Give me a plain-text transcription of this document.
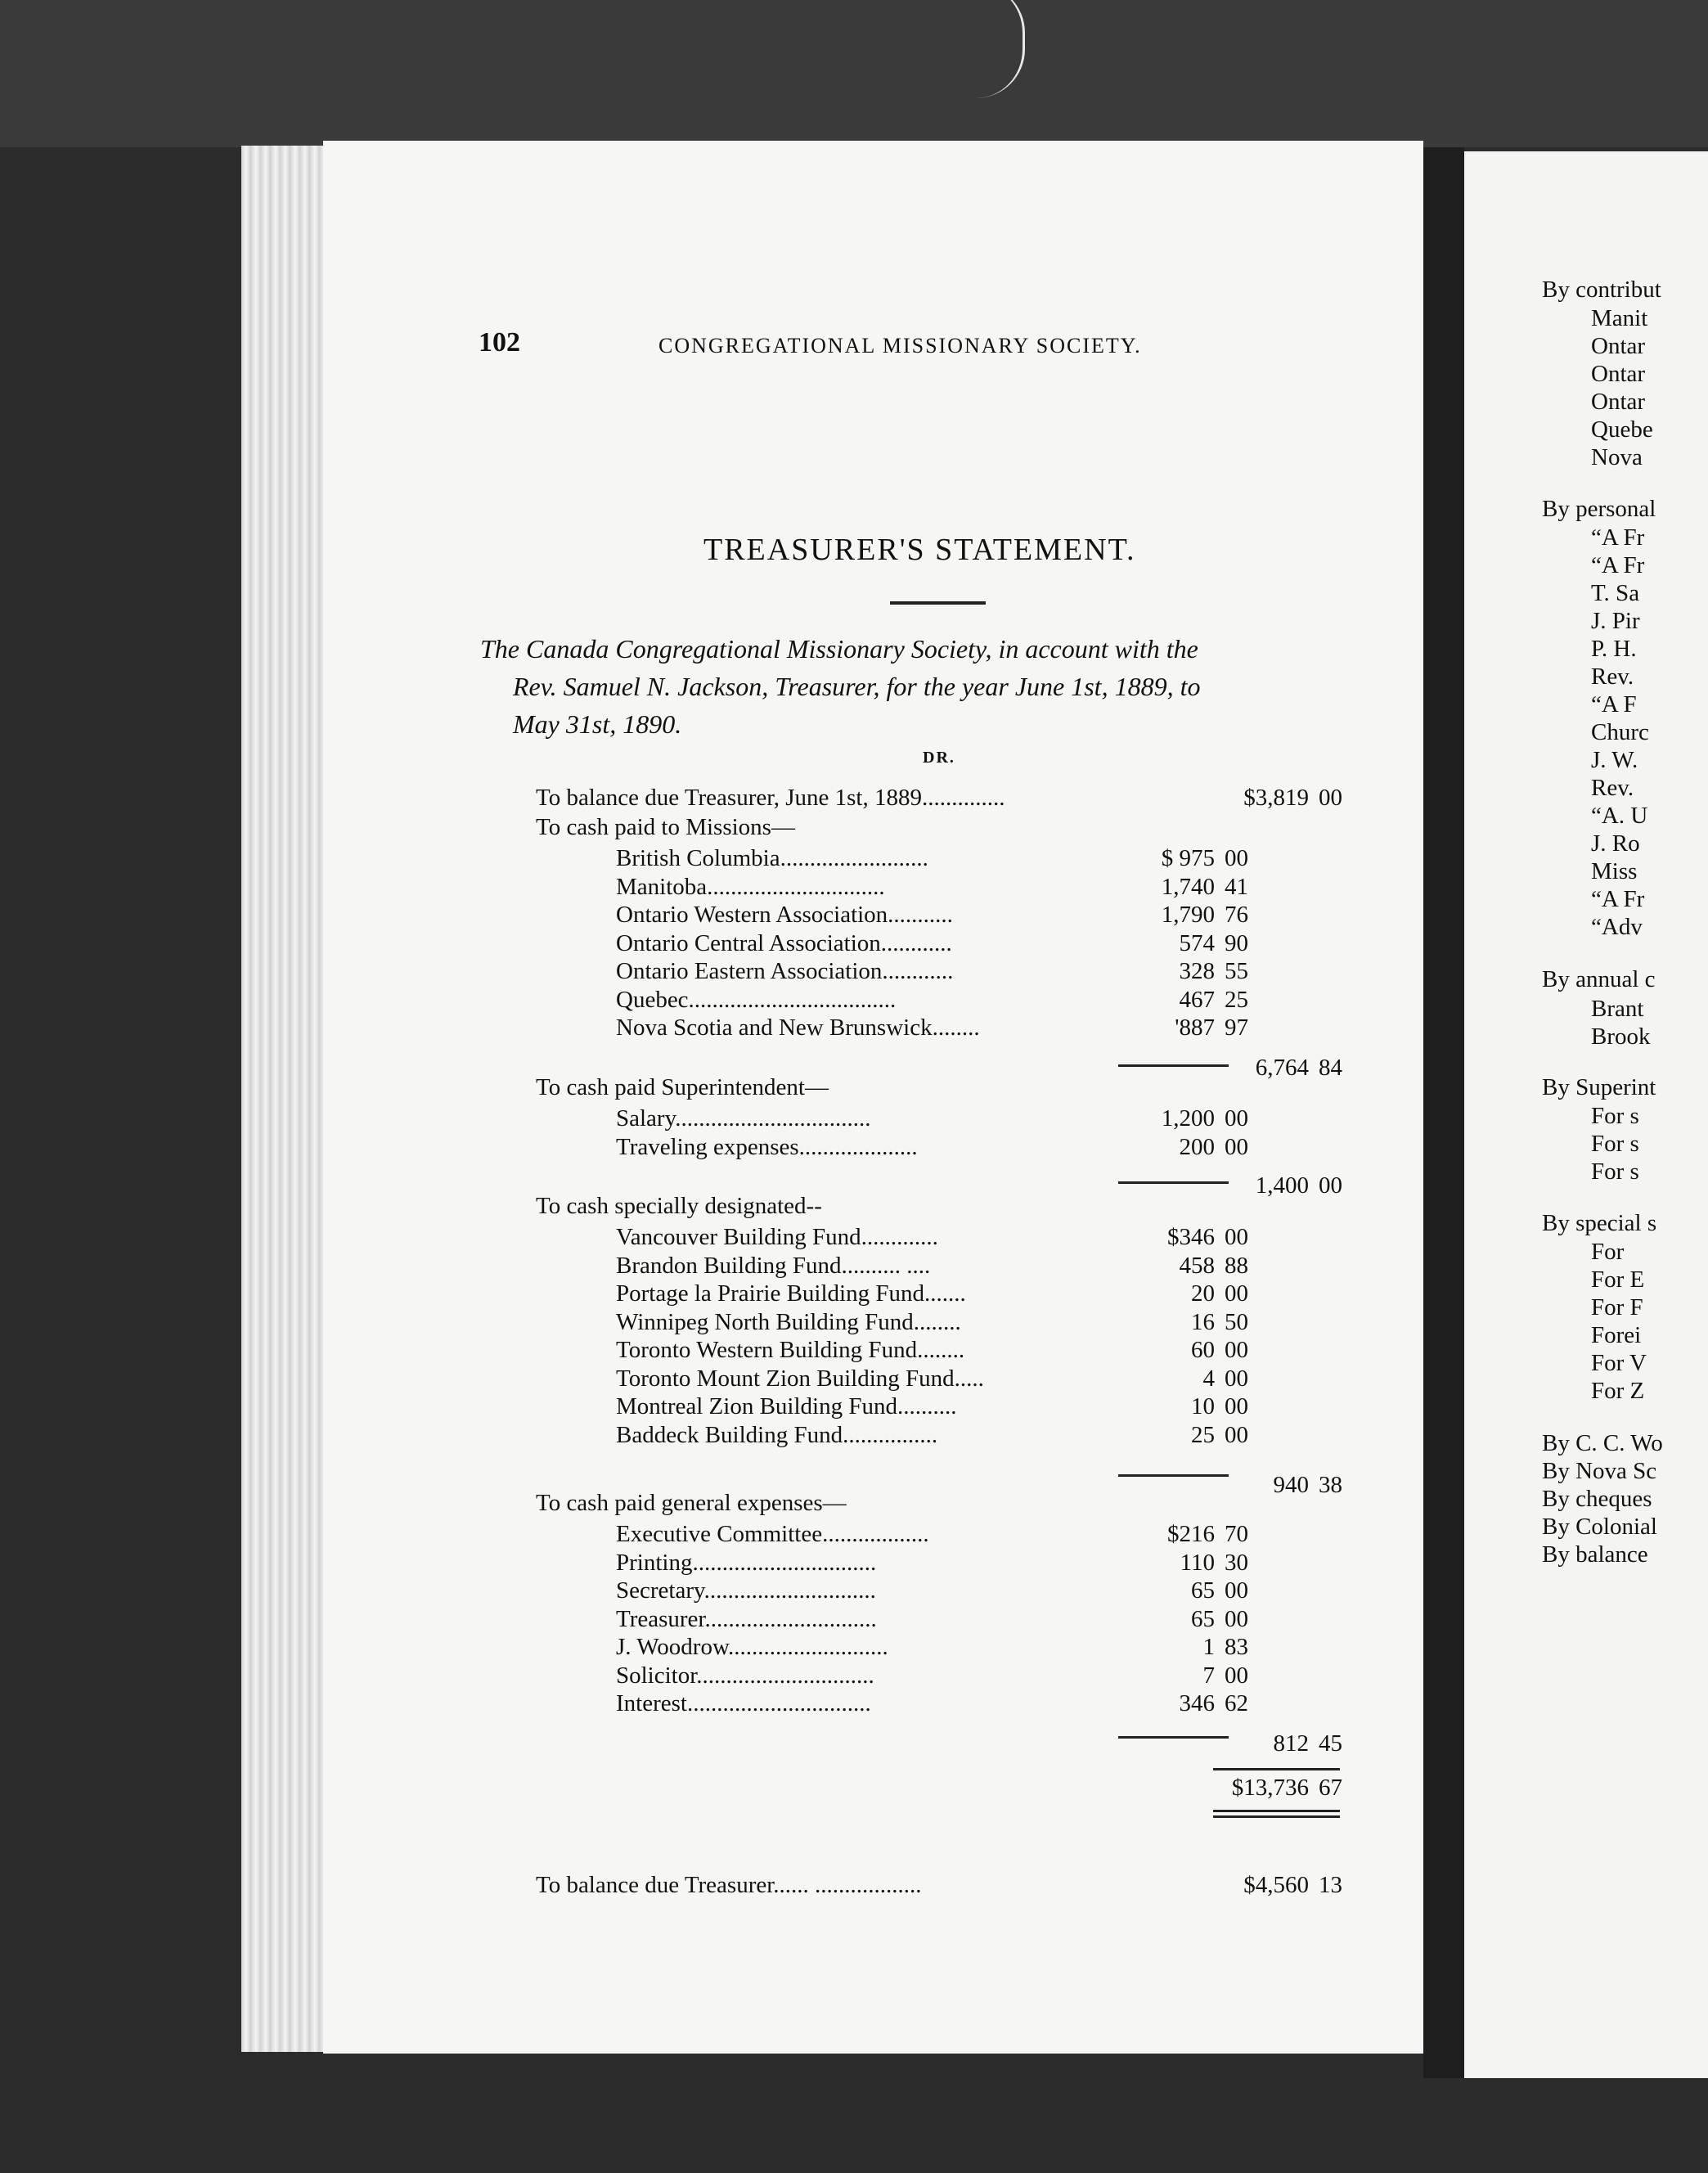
102	CONGREGATIONAL MISSIONARY SOCIETY.
TREASURER'S STATEMENT.
The Canada Congregational Missionary Society, in account with the
Rev. Samuel N. Jackson, Treasurer, for the year June 1st, 1889, to
May 31st, 1890.
DR.
To balance due Treasurer, June 1st, 1889..............	$3,819 00
To cash paid to Missions—
British Columbia.........................	$ 975 00
Manitoba..............................	1,740 41
Ontario Western Association...........	1,790 76
Ontario Central Association............	574 90
Ontario Eastern Association............	328 55
Quebec...................................	467 25
Nova Scotia and New Brunswick........	'887 97
6,764 84
To cash paid Superintendent—
Salary.................................	1,200 00
Traveling expenses....................	200 00
1,400 00
To cash specially designated--
Vancouver Building Fund.............	$346 00
Brandon Building Fund.......... ....	458 88
Portage la Prairie Building Fund.......	20 00
Winnipeg North Building Fund........	16 50
Toronto Western Building Fund........	60 00
Toronto Mount Zion Building Fund.....	4 00
Montreal Zion Building Fund..........	10 00
Baddeck Building Fund................	25 00
940 38
To cash paid general expenses—
Executive Committee..................	$216 70
Printing...............................	110 30
Secretary.............................	65 00
Treasurer.............................	65 00
J. Woodrow...........................	1 83
Solicitor..............................	7 00
Interest...............................	346 62
812 45
$13,736 67
To balance due Treasurer...... ..................	$4,560 13
By contribut
Manit
Ontar
Ontar
Ontar
Quebe
Nova
By personal
“A Fr
“A Fr
T. Sa
J. Pir
P. H.
Rev.
“A F
Churc
J. W.
Rev.
“A. U
J. Ro
Miss
“A Fr
“Adv
By annual c
Brant
Brook
By Superint
For s
For s
For s
By special s
For
For E
For F
Forei
For V
For Z
By C. C. Wo
By Nova Sc
By cheques
By Colonial
By balance
